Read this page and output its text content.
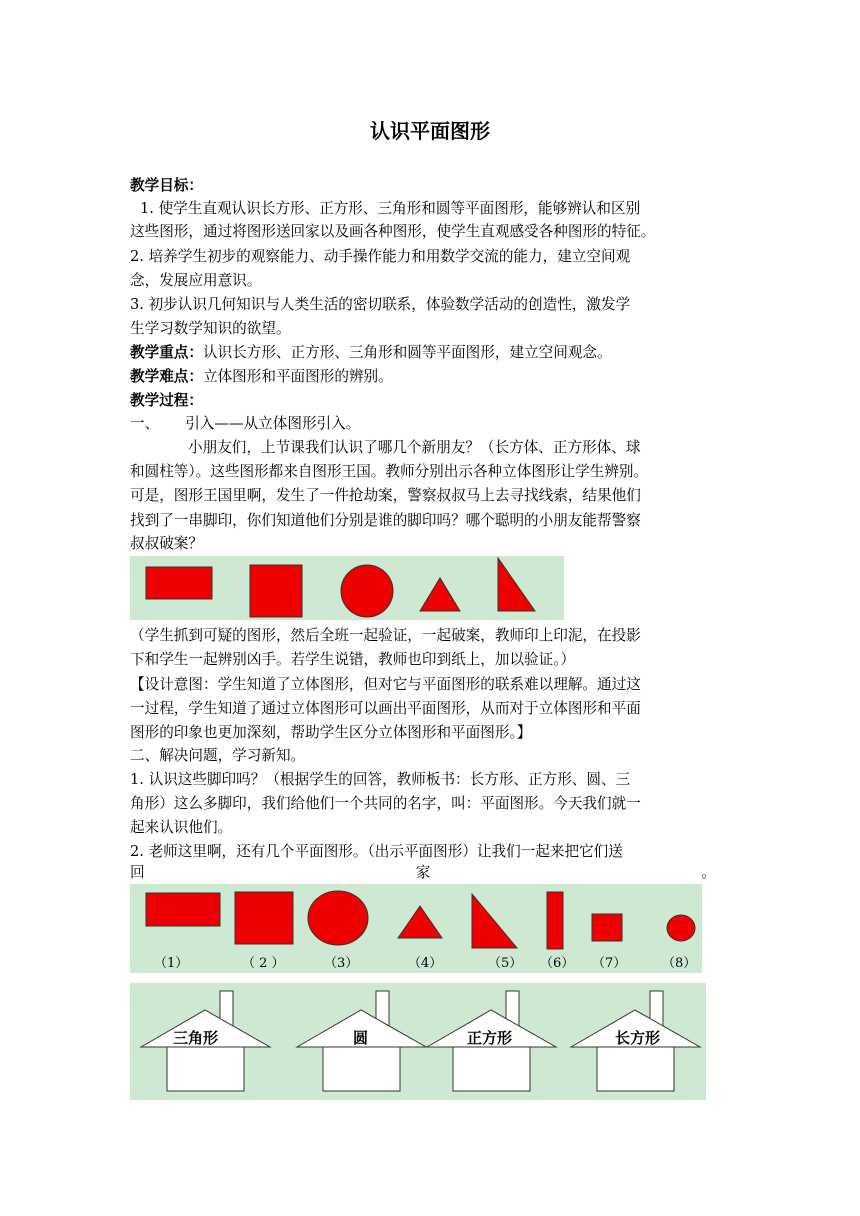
认识平面图形
教学目标：
1. 使学生直观认识长方形、正方形、三角形和圆等平面图形，能够辨认和区别
这些图形，通过将图形送回家以及画各种图形，使学生直观感受各种图形的特征。
2. 培养学生初步的观察能力、动手操作能力和用数学交流的能力，建立空间观
念，发展应用意识。
3. 初步认识几何知识与人类生活的密切联系，体验数学活动的创造性，激发学
生学习数学知识的欲望。
教学重点：认识长方形、正方形、三角形和圆等平面图形，建立空间观念。
教学难点：立体图形和平面图形的辨别。
教学过程：
一、 引入——从立体图形引入。
小朋友们，上节课我们认识了哪几个新朋友？（长方体、正方形体、球
和圆柱等）。这些图形都来自图形王国。教师分别出示各种立体图形让学生辨别。
可是，图形王国里啊，发生了一件抢劫案，警察叔叔马上去寻找线索，结果他们
找到了一串脚印，你们知道他们分别是谁的脚印吗？哪个聪明的小朋友能帮警察
叔叔破案？
（学生抓到可疑的图形，然后全班一起验证，一起破案，教师印上印泥，在投影
下和学生一起辨别凶手。若学生说错，教师也印到纸上，加以验证。）
【设计意图：学生知道了立体图形，但对它与平面图形的联系难以理解。通过这
一过程，学生知道了通过立体图形可以画出平面图形，从而对于立体图形和平面
图形的印象也更加深刻，帮助学生区分立体图形和平面图形。】
二、解决问题，学习新知。
1. 认识这些脚印吗？（根据学生的回答，教师板书：长方形、正方形、圆、三
角形）这么多脚印，我们给他们一个共同的名字，叫：平面图形。今天我们就一
起来认识他们。
2. 老师这里啊，还有几个平面图形。（出示平面图形）让我们一起来把它们送
回	家	。
（1）	（ 2 ）	（3）	（4）	（5） （6） （7）	（8）
三角形	圆	正方形	长方形
